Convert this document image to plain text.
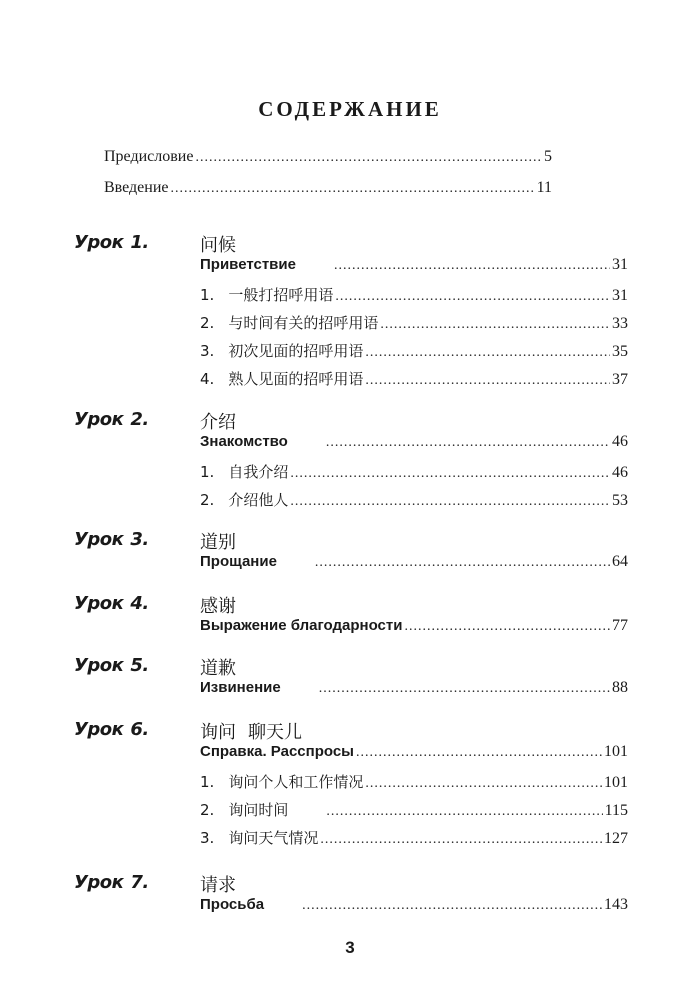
СОДЕРЖАНИЕ
Предисловие .....	5
Введение .....	11
Урок 1.	问候
Приветствие .....	31
1. 一般打招呼用语 .....	31
2. 与时间有关的招呼用语 .....	33
3. 初次见面的招呼用语 .....	35
4. 熟人见面的招呼用语 .....	37
Урок 2.	介绍
Знакомство .....	46
1. 自我介绍 .....	46
2. 介绍他人 .....	53
Урок 3.	道别
Прощание .....	64
Урок 4.	感谢
Выражение благодарности .....	77
Урок 5.	道歉
Извинение .....	88
Урок 6.	询问 聊天儿
Справка. Расспросы .....	101
1. 询问个人和工作情况 .....	101
2. 询问时间 .....	115
3. 询问天气情况 .....	127
Урок 7.	请求
Просьба .....	143
3
